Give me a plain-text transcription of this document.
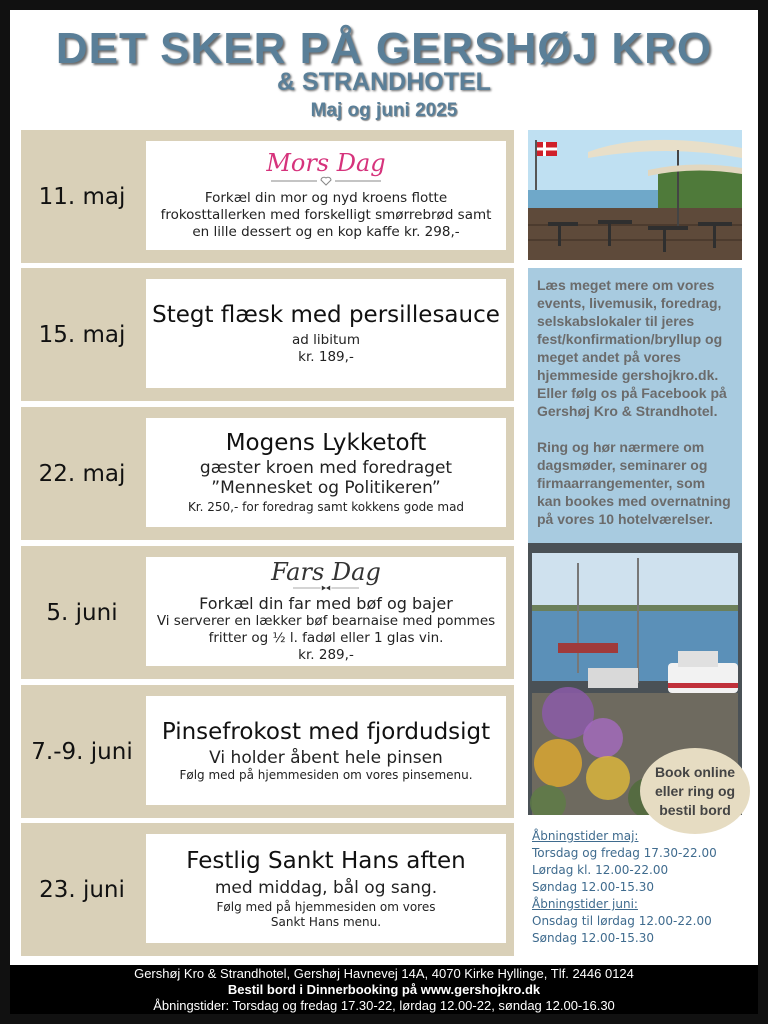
DET SKER PÅ GERSHØJ KRO
& STRANDHOTEL
Maj og juni 2025
11. maj
Mors Dag
Forkæl din mor og nyd kroens flotte frokosttallerken med forskelligt smørrebrød samt en lille dessert og en kop kaffe kr. 298,-
15. maj
Stegt flæsk med persillesauce
ad libitum
kr. 189,-
22. maj
Mogens Lykketoft
gæster kroen med foredraget
”Mennesket og Politikeren”
Kr. 250,- for foredrag samt kokkens gode mad
5. juni
Fars Dag
Forkæl din far med bøf og bajer
Vi serverer en lækker bøf bearnaise med pommes fritter og ½ l. fadøl eller 1 glas vin.
kr. 289,-
7.-9. juni
Pinsefrokost med fjordudsigt
Vi holder åbent hele pinsen
Følg med på hjemmesiden om vores pinsemenu.
23. juni
Festlig Sankt Hans aften
med middag, bål og sang.
Følg med på hjemmesiden om vores
Sankt Hans menu.
Læs meget mere om vores events, livemusik, foredrag, selskabslokaler til jeres fest/konfirmation/bryllup og meget andet på vores hjemmeside gershojkro.dk. Eller følg os på Facebook på Gershøj Kro & Strandhotel.
Ring og hør nærmere om dagsmøder, seminarer og firmaarrangementer, som kan bookes med overnatning på vores 10 hotelværelser.
Book online eller ring og bestil bord
Åbningstider maj:
Torsdag og fredag 17.30-22.00
Lørdag kl. 12.00-22.00
Søndag 12.00-15.30
Åbningstider juni:
Onsdag til lørdag 12.00-22.00
Søndag 12.00-15.30
Gershøj Kro & Strandhotel, Gershøj Havnevej 14A, 4070 Kirke Hyllinge, Tlf. 2446 0124
Bestil bord i Dinnerbooking på www.gershojkro.dk
Åbningstider: Torsdag og fredag 17.30-22, lørdag 12.00-22, søndag 12.00-16.30
